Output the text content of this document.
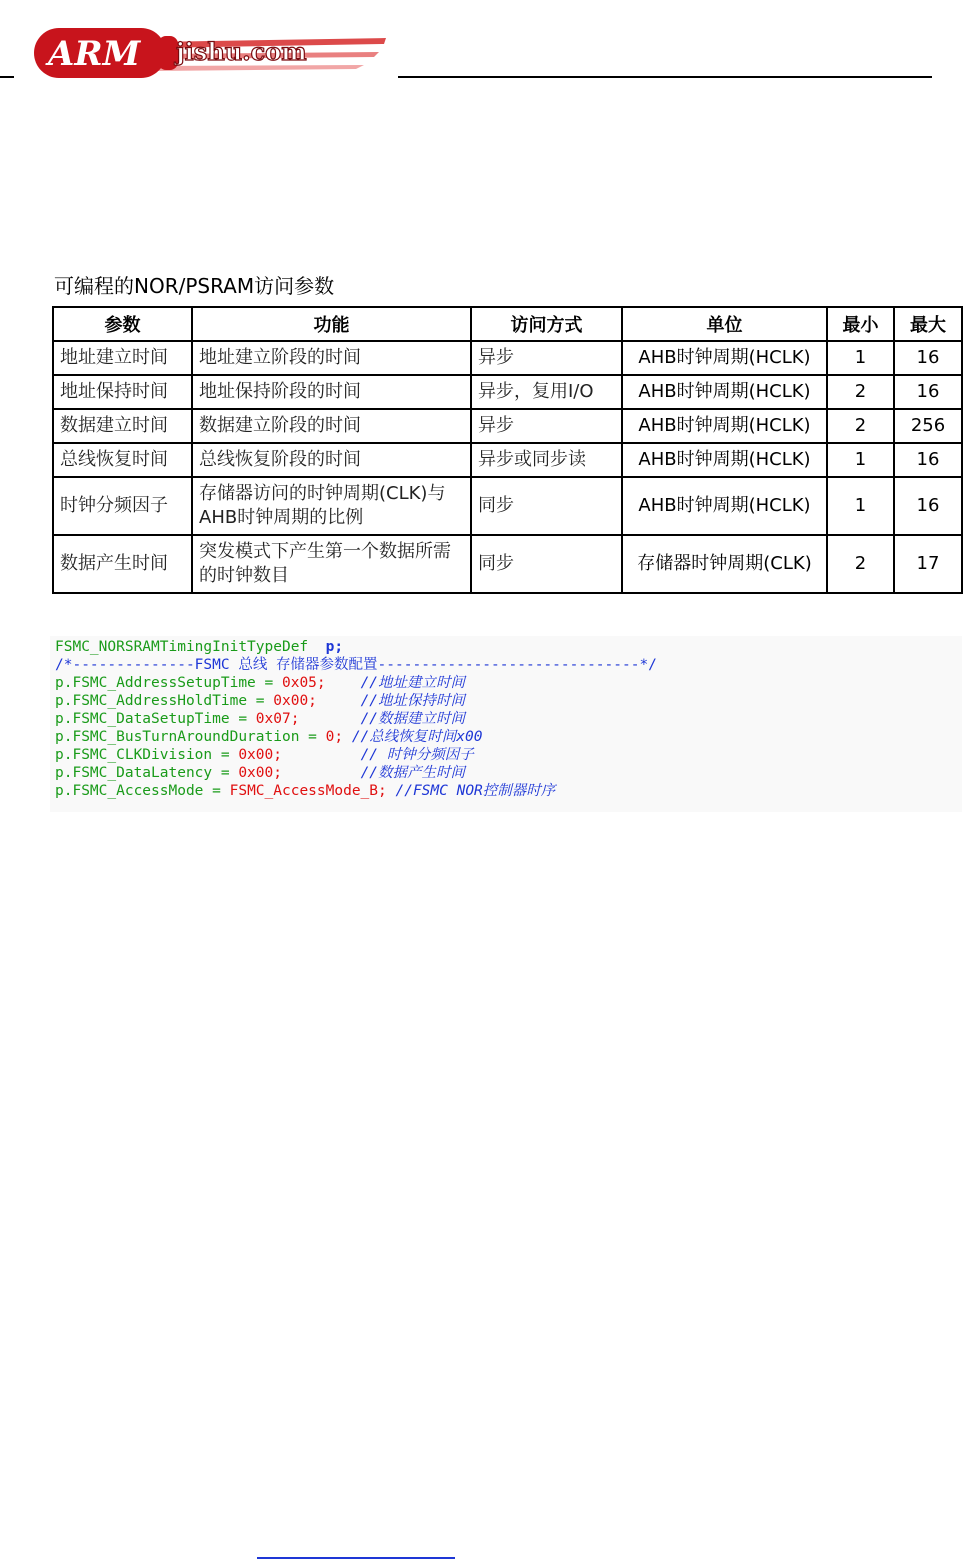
ARM jishu.com
可编程的NOR/PSRAM访问参数
参数	功能	访问方式	单位	最小	最大
地址建立时间	地址建立阶段的时间	异步	AHB时钟周期(HCLK)	1	16
地址保持时间	地址保持阶段的时间	异步，复用I/O	AHB时钟周期(HCLK)	2	16
数据建立时间	数据建立阶段的时间	异步	AHB时钟周期(HCLK)	2	256
总线恢复时间	总线恢复阶段的时间	异步或同步读	AHB时钟周期(HCLK)	1	16
时钟分频因子	存储器访问的时钟周期(CLK)与AHB时钟周期的比例	同步	AHB时钟周期(HCLK)	1	16
数据产生时间	突发模式下产生第一个数据所需的时钟数目	同步	存储器时钟周期(CLK)	2	17
FSMC_NORSRAMTimingInitTypeDef p;
/*--------------FSMC 总线 存储器参数配置------------------------------*/
p.FSMC_AddressSetupTime = 0x05; //地址建立时间
p.FSMC_AddressHoldTime = 0x00;	//地址保持时间
p.FSMC_DataSetupTime = 0x07;	//数据建立时间
p.FSMC_BusTurnAroundDuration = 0; //总线恢复时间x00
p.FSMC_CLKDivision = 0x00;	// 时钟分频因子
p.FSMC_DataLatency = 0x00;	//数据产生时间
p.FSMC_AccessMode = FSMC_AccessMode_B; //FSMC NOR控制器时序
